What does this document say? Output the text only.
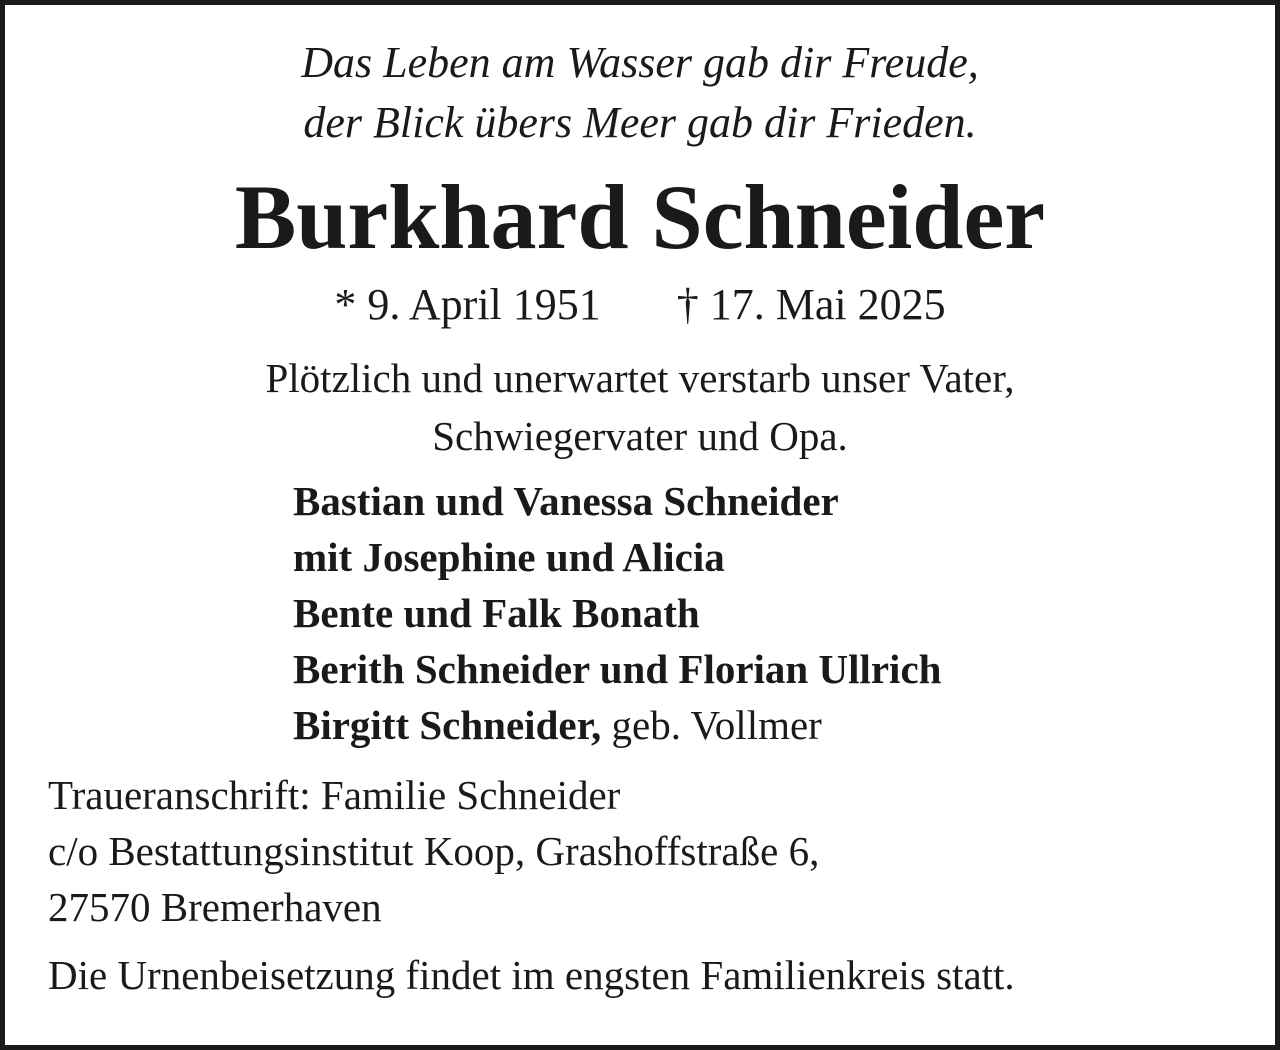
Das Leben am Wasser gab dir Freude,

der Blick übers Meer gab dir Frieden.

Burkhard Schneider

* 9. April 1951 † 17. Mai 2025

Plötzlich und unerwartet verstarb unser Vater,

Schwiegervater und Opa.

Bastian und Vanessa Schneider

mit Josephine und Alicia

Bente und Falk Bonath

Berith Schneider und Florian Ullrich

Birgitt Schneider, geb. Vollmer

Traueranschrift: Familie Schneider

c/o Bestattungsinstitut Koop, Grashoffstraße 6,

27570 Bremerhaven

Die Urnenbeisetzung findet im engsten Familienkreis statt.
